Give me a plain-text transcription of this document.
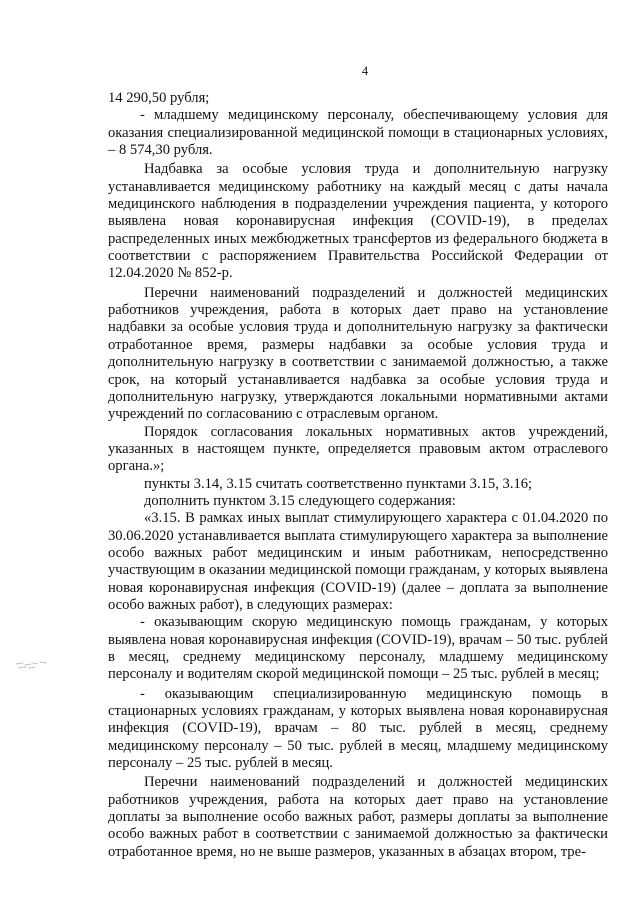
4

14 290,50 рубля;

- младшему медицинскому персоналу, обеспечивающему условия для оказания специализированной медицинской помощи в стационарных условиях, – 8 574,30 рубля.

Надбавка за особые условия труда и дополнительную нагрузку устанавливается медицинскому работнику на каждый месяц с даты начала медицинского наблюдения в подразделении учреждения пациента, у которого выявлена новая коронавирусная инфекция (COVID-19), в пределах распределенных иных межбюджетных трансфертов из федерального бюджета в соответствии с распоряжением Правительства Российской Федерации от 12.04.2020 № 852-р.

Перечни наименований подразделений и должностей медицинских работников учреждения, работа в которых дает право на установление надбавки за особые условия труда и дополнительную нагрузку за фактически отработанное время, размеры надбавки за особые условия труда и дополнительную нагрузку в соответствии с занимаемой должностью, а также срок, на который устанавливается надбавка за особые условия труда и дополнительную нагрузку, утверждаются локальными нормативными актами учреждений по согласованию с отраслевым органом.

Порядок согласования локальных нормативных актов учреждений, указанных в настоящем пункте, определяется правовым актом отраслевого органа.»;

пункты 3.14, 3.15 считать соответственно пунктами 3.15, 3.16;

дополнить пунктом 3.15 следующего содержания:

«3.15. В рамках иных выплат стимулирующего характера с 01.04.2020 по 30.06.2020 устанавливается выплата стимулирующего характера за выполнение особо важных работ медицинским и иным работникам, непосредственно участвующим в оказании медицинской помощи гражданам, у которых выявлена новая коронавирусная инфекция (COVID-19) (далее – доплата за выполнение особо важных работ), в следующих размерах:

- оказывающим скорую медицинскую помощь гражданам, у которых выявлена новая коронавирусная инфекция (COVID-19), врачам – 50 тыс. рублей в месяц, среднему медицинскому персоналу, младшему медицинскому персоналу и водителям скорой медицинской помощи – 25 тыс. рублей в месяц;

- оказывающим специализированную медицинскую помощь в стационарных условиях гражданам, у которых выявлена новая коронавирусная инфекция (COVID-19), врачам – 80 тыс. рублей в месяц, среднему медицинскому персоналу – 50 тыс. рублей в месяц, младшему медицинскому персоналу – 25 тыс. рублей в месяц.

Перечни наименований подразделений и должностей медицинских работников учреждения, работа на которых дает право на установление доплаты за выполнение особо важных работ, размеры доплаты за выполнение особо важных работ в соответствии с занимаемой должностью за фактически отработанное время, но не выше размеров, указанных в абзацах втором, тре-
